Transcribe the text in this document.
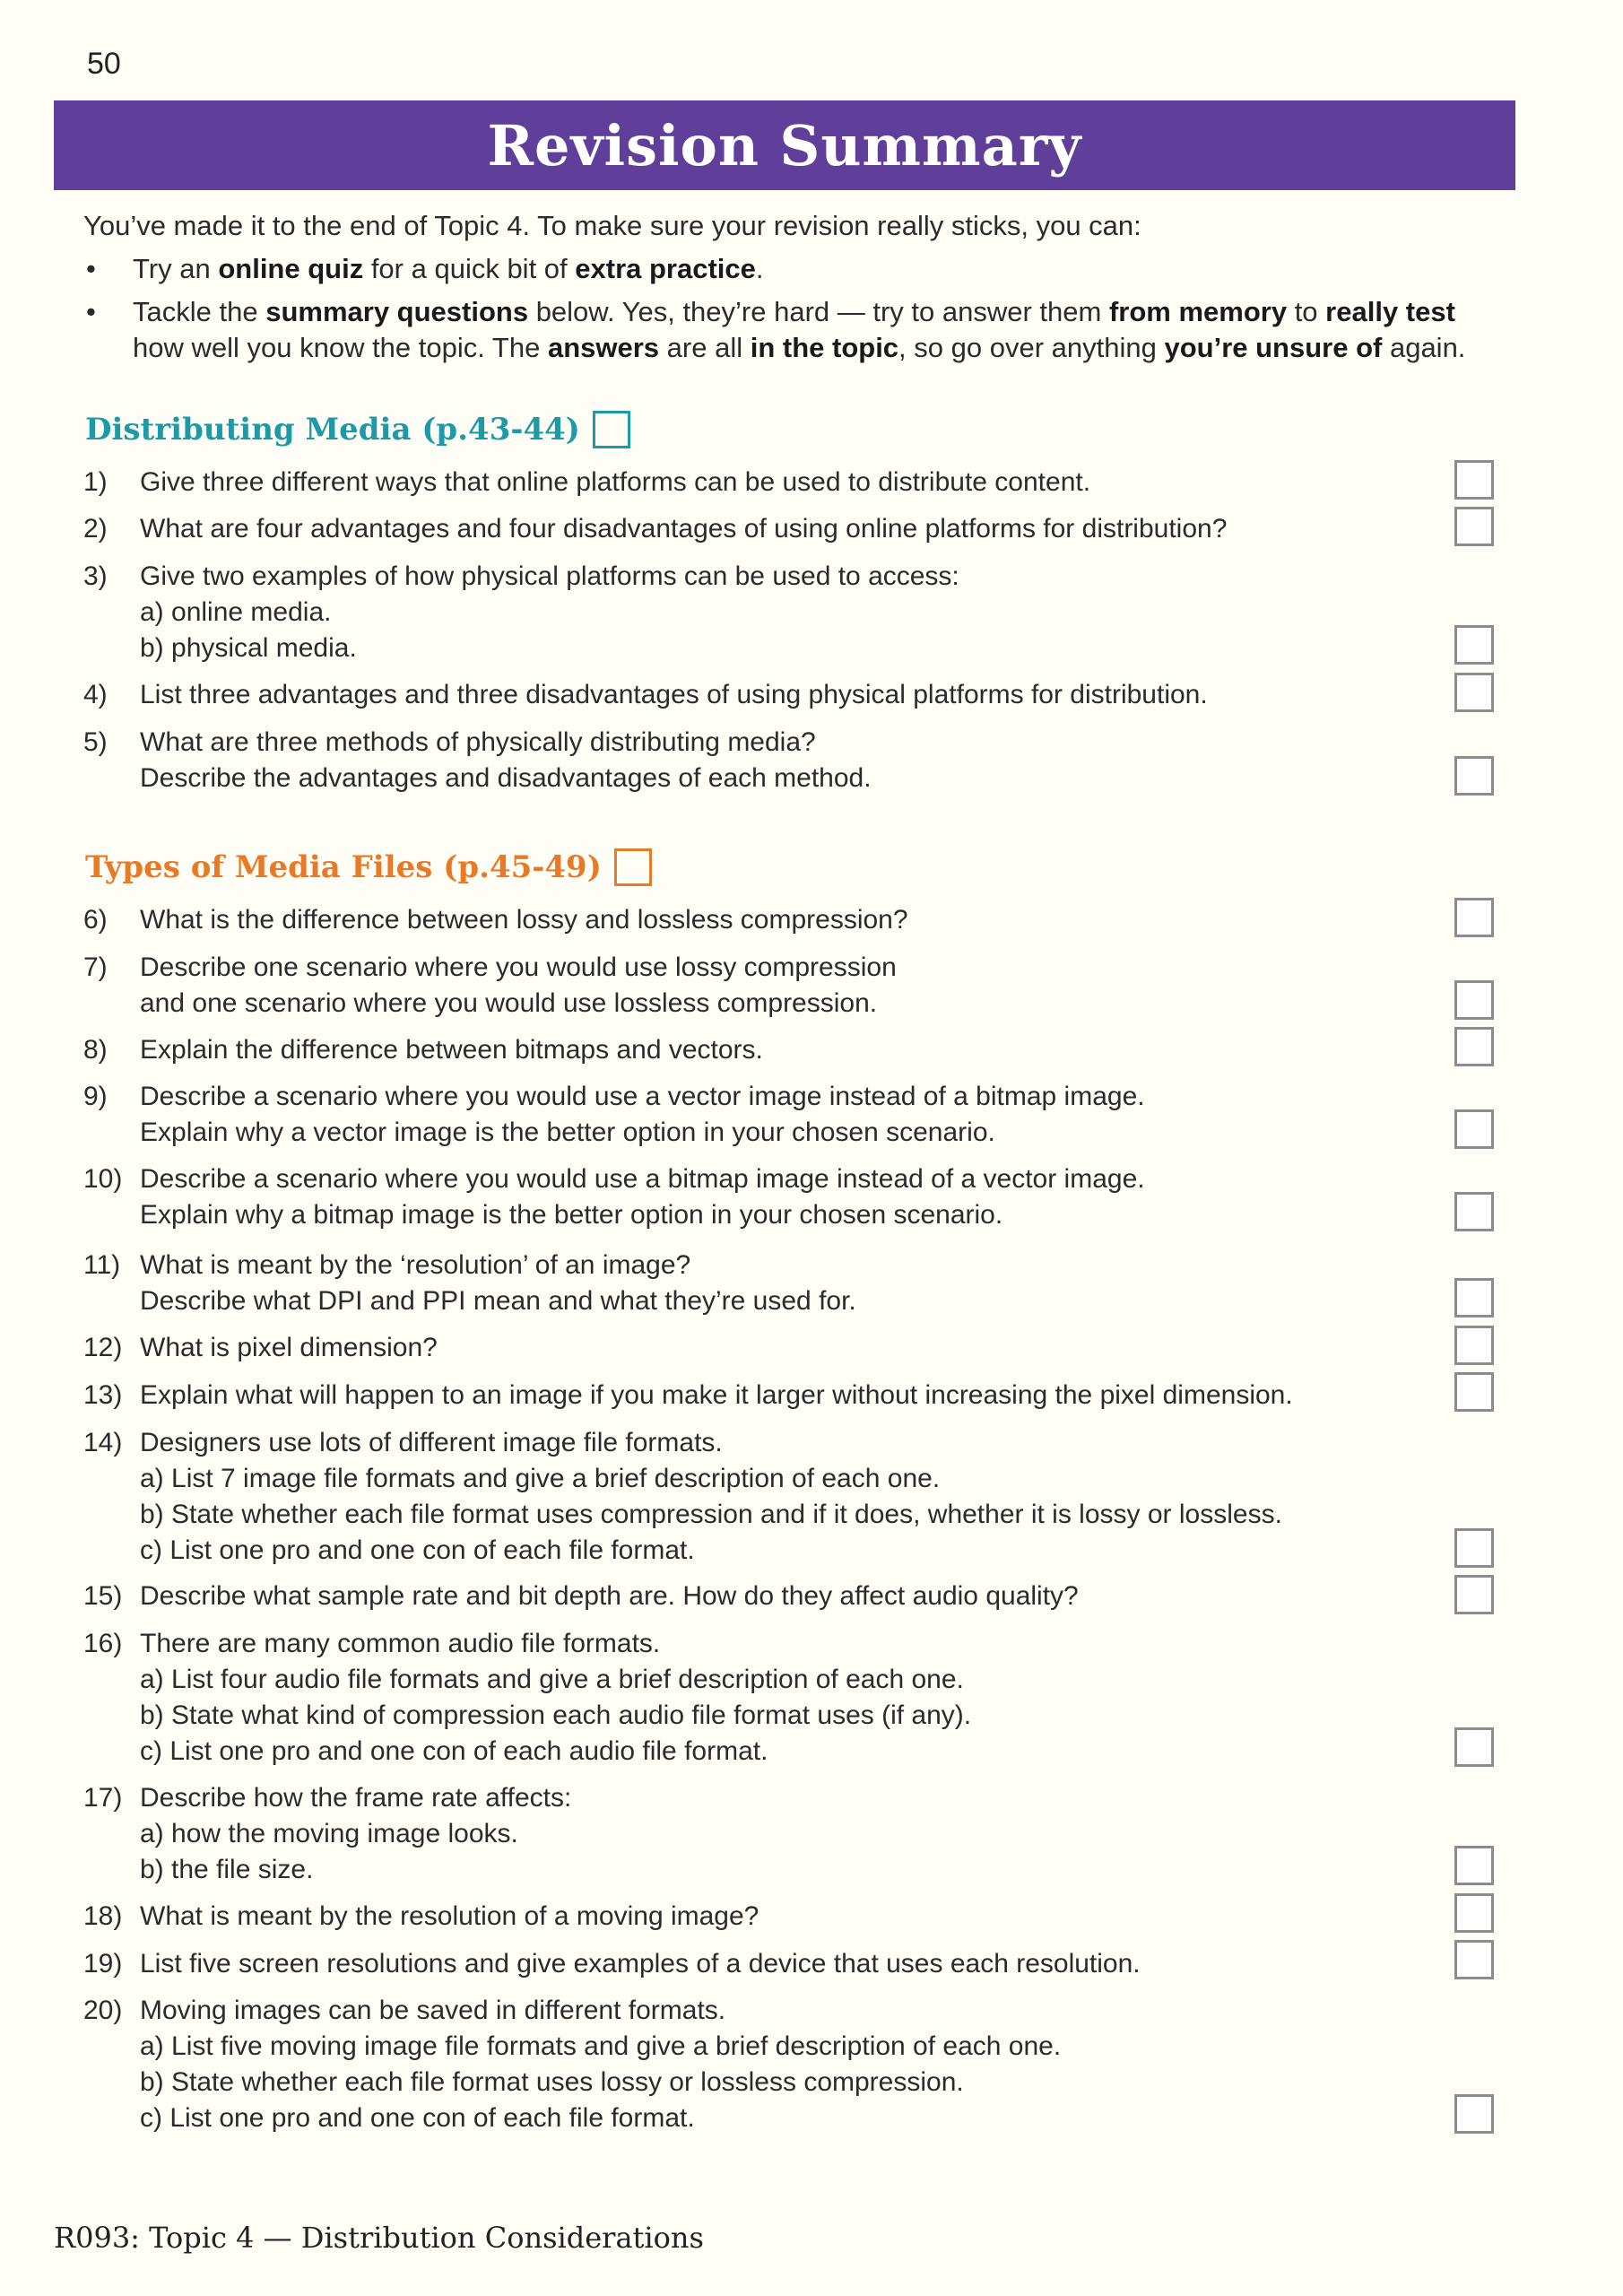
50
Revision Summary

You’ve made it to the end of Topic 4. To make sure your revision really sticks, you can:

• Try an online quiz for a quick bit of extra practice.
• Tackle the summary questions below. Yes, they’re hard — try to answer them from memory to really test
how well you know the topic. The answers are all in the topic, so go over anything you’re unsure of again.
Distributing Media (p.43-44)
Types of Media Files (p.45-49)
1) Give three different ways that online platforms can be used to distribute content.
2) What are four advantages and four disadvantages of using online platforms for distribution?
3) Give two examples of how physical platforms can be used to access:
a) online media.
b) physical media.
4) List three advantages and three disadvantages of using physical platforms for distribution.
5) What are three methods of physically distributing media?
Describe the advantages and disadvantages of each method.
6) What is the difference between lossy and lossless compression?
7) Describe one scenario where you would use lossy compression
and one scenario where you would use lossless compression.
8) Explain the difference between bitmaps and vectors.
9) Describe a scenario where you would use a vector image instead of a bitmap image.
Explain why a vector image is the better option in your chosen scenario.
10) Describe a scenario where you would use a bitmap image instead of a vector image.
Explain why a bitmap image is the better option in your chosen scenario.
11) What is meant by the ‘resolution’ of an image?
Describe what DPI and PPI mean and what they’re used for.
12) What is pixel dimension?
13) Explain what will happen to an image if you make it larger without increasing the pixel dimension.
14) Designers use lots of different image file formats.
a) List 7 image file formats and give a brief description of each one.
b) State whether each file format uses compression and if it does, whether it is lossy or lossless.
c) List one pro and one con of each file format.
15) Describe what sample rate and bit depth are. How do they affect audio quality?
16) There are many common audio file formats.
a) List four audio file formats and give a brief description of each one.
b) State what kind of compression each audio file format uses (if any).
c) List one pro and one con of each audio file format.
17) Describe how the frame rate affects:
a) how the moving image looks.
b) the file size.
18) What is meant by the resolution of a moving image?
19) List five screen resolutions and give examples of a device that uses each resolution.
20) Moving images can be saved in different formats.
a) List five moving image file formats and give a brief description of each one.
b) State whether each file format uses lossy or lossless compression.
c) List one pro and one con of each file format.
R093: Topic 4 — Distribution Considerations
